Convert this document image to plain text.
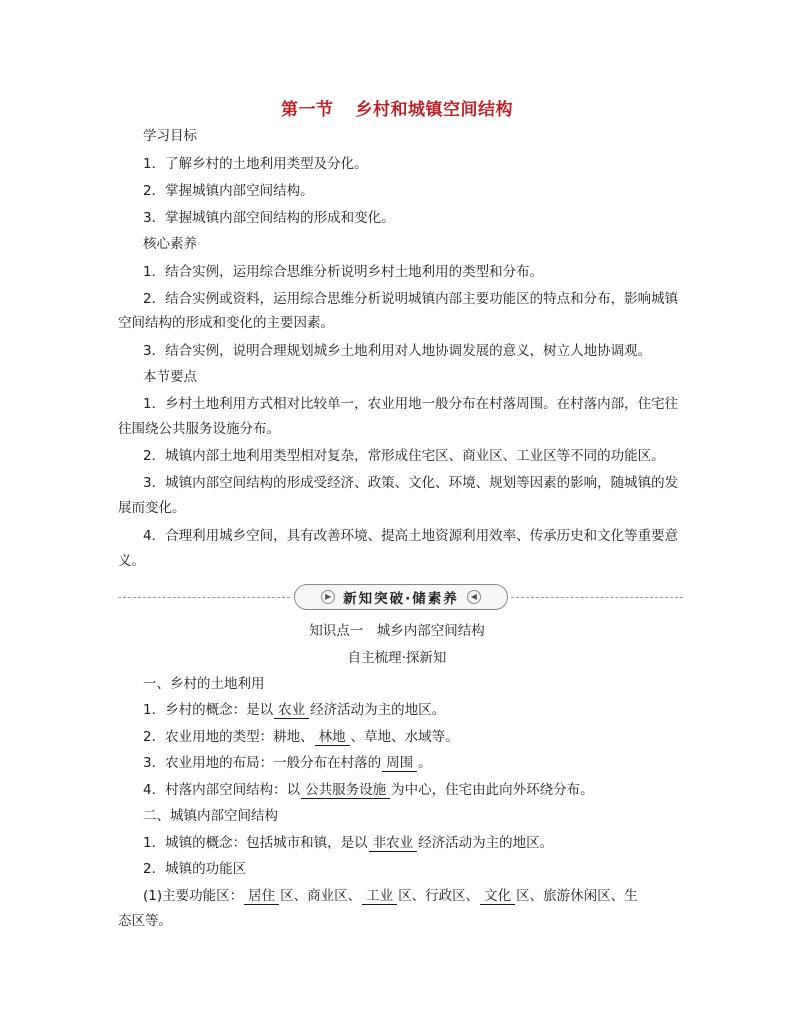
第一节 乡村和城镇空间结构
学习目标
1．了解乡村的土地利用类型及分化。
2．掌握城镇内部空间结构。
3．掌握城镇内部空间结构的形成和变化。
核心素养
1．结合实例，运用综合思维分析说明乡村土地利用的类型和分布。
2．结合实例或资料，运用综合思维分析说明城镇内部主要功能区的特点和分布，影响城镇
空间结构的形成和变化的主要因素。
3．结合实例，说明合理规划城乡土地利用对人地协调发展的意义，树立人地协调观。
本节要点
1．乡村土地利用方式相对比较单一，农业用地一般分布在村落周围。在村落内部，住宅往
往围绕公共服务设施分布。
2．城镇内部土地利用类型相对复杂，常形成住宅区、商业区、工业区等不同的功能区。
3．城镇内部空间结构的形成受经济、政策、文化、环境、规划等因素的影响，随城镇的发
展而变化。
4．合理利用城乡空间，具有改善环境、提高土地资源利用效率、传承历史和文化等重要意
义。
▶ 新知突破·储素养	◀
知识点一　城乡内部空间结构
自主梳理·探新知
一、乡村的土地利用
1．乡村的概念：是以 农业 经济活动为主的地区。
2．农业用地的类型：耕地、 林地 、草地、水域等。
3．农业用地的布局：一般分布在村落的 周围 。
4．村落内部空间结构：以 公共服务设施 为中心，住宅由此向外环绕分布。
二、城镇内部空间结构
1．城镇的概念：包括城市和镇，是以 非农业 经济活动为主的地区。
2．城镇的功能区
(1)主要功能区： 居住 区、商业区、 工业 区、行政区、 文化 区、旅游休闲区、生
态区等。
